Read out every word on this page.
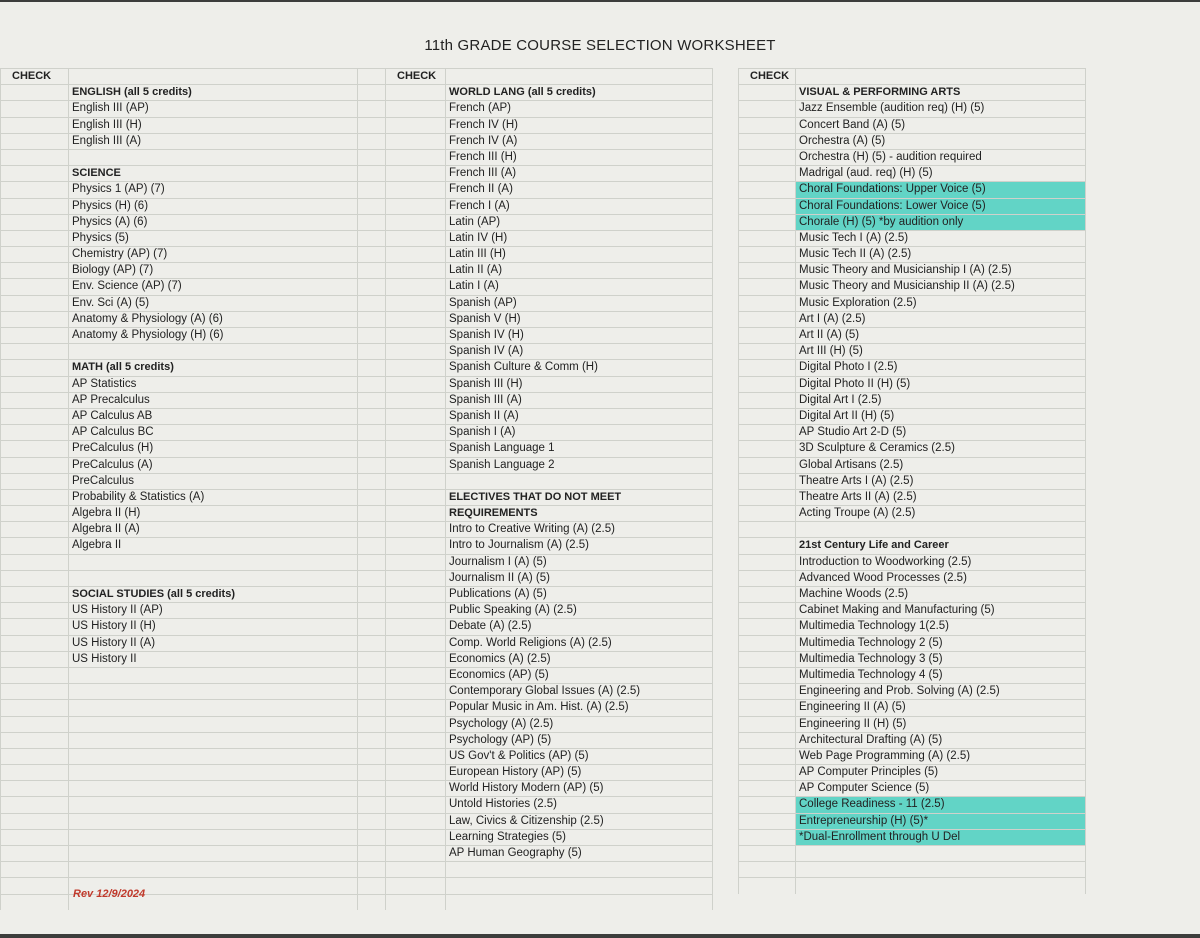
11th GRADE COURSE SELECTION WORKSHEET
CHECK
ENGLISH (all 5 credits)
English III (AP)
English III (H)
English III (A)
SCIENCE
Physics 1 (AP) (7)
Physics (H) (6)
Physics (A) (6)
Physics (5)
Chemistry (AP) (7)
Biology (AP) (7)
Env. Science (AP) (7)
Env. Sci (A) (5)
Anatomy & Physiology (A) (6)
Anatomy & Physiology (H) (6)
MATH (all 5 credits)
AP Statistics
AP Precalculus
AP Calculus AB
AP Calculus BC
PreCalculus (H)
PreCalculus (A)
PreCalculus
Probability & Statistics (A)
Algebra II (H)
Algebra II (A)
Algebra II
SOCIAL STUDIES (all 5 credits)
US History II (AP)
US History II (H)
US History II (A)
US History II
CHECK
WORLD LANG (all 5 credits)
French (AP)
French IV (H)
French IV (A)
French III (H)
French III (A)
French II (A)
French I (A)
Latin (AP)
Latin IV (H)
Latin III (H)
Latin II (A)
Latin I (A)
Spanish (AP)
Spanish V (H)
Spanish IV (H)
Spanish IV (A)
Spanish Culture & Comm (H)
Spanish III (H)
Spanish III (A)
Spanish II (A)
Spanish I (A)
Spanish Language 1
Spanish Language 2
ELECTIVES THAT DO NOT MEET
REQUIREMENTS
Intro to Creative Writing (A) (2.5)
Intro to Journalism (A) (2.5)
Journalism I (A) (5)
Journalism II (A) (5)
Publications (A) (5)
Public Speaking (A) (2.5)
Debate (A) (2.5)
Comp. World Religions (A) (2.5)
Economics (A) (2.5)
Economics (AP) (5)
Contemporary Global Issues (A) (2.5)
Popular Music in Am. Hist. (A) (2.5)
Psychology (A) (2.5)
Psychology (AP) (5)
US Gov't & Politics (AP) (5)
European History (AP) (5)
World History Modern (AP) (5)
Untold Histories (2.5)
Law, Civics & Citizenship (2.5)
Learning Strategies (5)
AP Human Geography (5)
CHECK
VISUAL & PERFORMING ARTS
Jazz Ensemble (audition req) (H) (5)
Concert Band (A) (5)
Orchestra (A) (5)
Orchestra (H) (5) - audition required
Madrigal (aud. req) (H) (5)
Choral Foundations: Upper Voice (5)
Choral Foundations: Lower Voice (5)
Chorale (H) (5) *by audition only
Music Tech I (A) (2.5)
Music Tech II (A) (2.5)
Music Theory and Musicianship I (A) (2.5)
Music Theory and Musicianship II (A) (2.5)
Music Exploration (2.5)
Art I (A) (2.5)
Art II (A) (5)
Art III (H) (5)
Digital Photo I (2.5)
Digital Photo II (H) (5)
Digital Art I (2.5)
Digital Art II (H) (5)
AP Studio Art 2-D (5)
3D Sculpture & Ceramics (2.5)
Global Artisans (2.5)
Theatre Arts I (A) (2.5)
Theatre Arts II (A) (2.5)
Acting Troupe (A) (2.5)
21st Century Life and Career
Introduction to Woodworking (2.5)
Advanced Wood Processes (2.5)
Machine Woods (2.5)
Cabinet Making and Manufacturing (5)
Multimedia Technology 1(2.5)
Multimedia Technology 2 (5)
Multimedia Technology 3 (5)
Multimedia Technology 4 (5)
Engineering and Prob. Solving (A) (2.5)
Engineering II (A) (5)
Engineering II (H) (5)
Architectural Drafting (A) (5)
Web Page Programming (A) (2.5)
AP Computer Principles (5)
AP Computer Science (5)
College Readiness - 11 (2.5)
Entrepreneurship (H) (5)*
*Dual-Enrollment through U Del
Rev 12/9/2024
